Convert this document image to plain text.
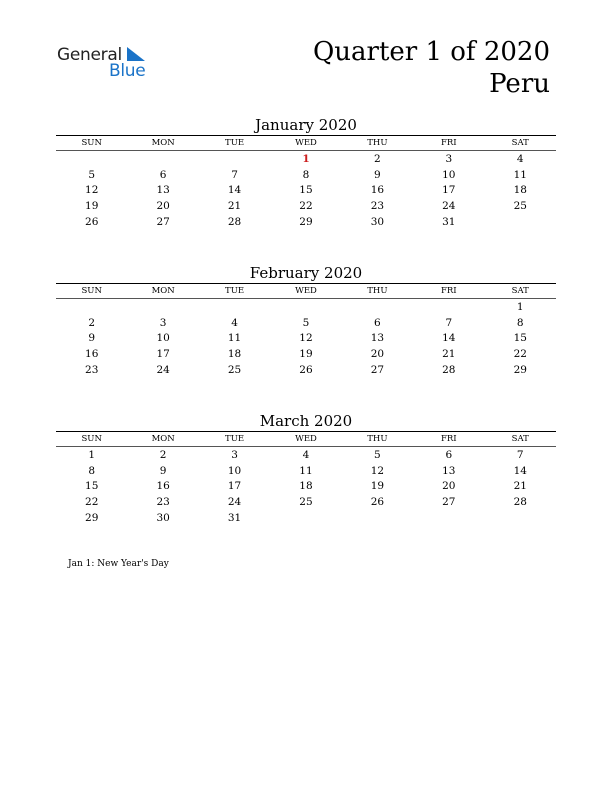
General
Blue
Quarter 1 of 2020
Peru
January 2020
SUN	MON	TUE	WED	THU	FRI	SAT
			1	2	3	4
5	6	7	8	9	10	11
12	13	14	15	16	17	18
19	20	21	22	23	24	25
26	27	28	29	30	31	
February 2020
SUN	MON	TUE	WED	THU	FRI	SAT
						1
2	3	4	5	6	7	8
9	10	11	12	13	14	15
16	17	18	19	20	21	22
23	24	25	26	27	28	29
March 2020
SUN	MON	TUE	WED	THU	FRI	SAT
1	2	3	4	5	6	7
8	9	10	11	12	13	14
15	16	17	18	19	20	21
22	23	24	25	26	27	28
29	30	31				
Jan 1: New Year's Day
